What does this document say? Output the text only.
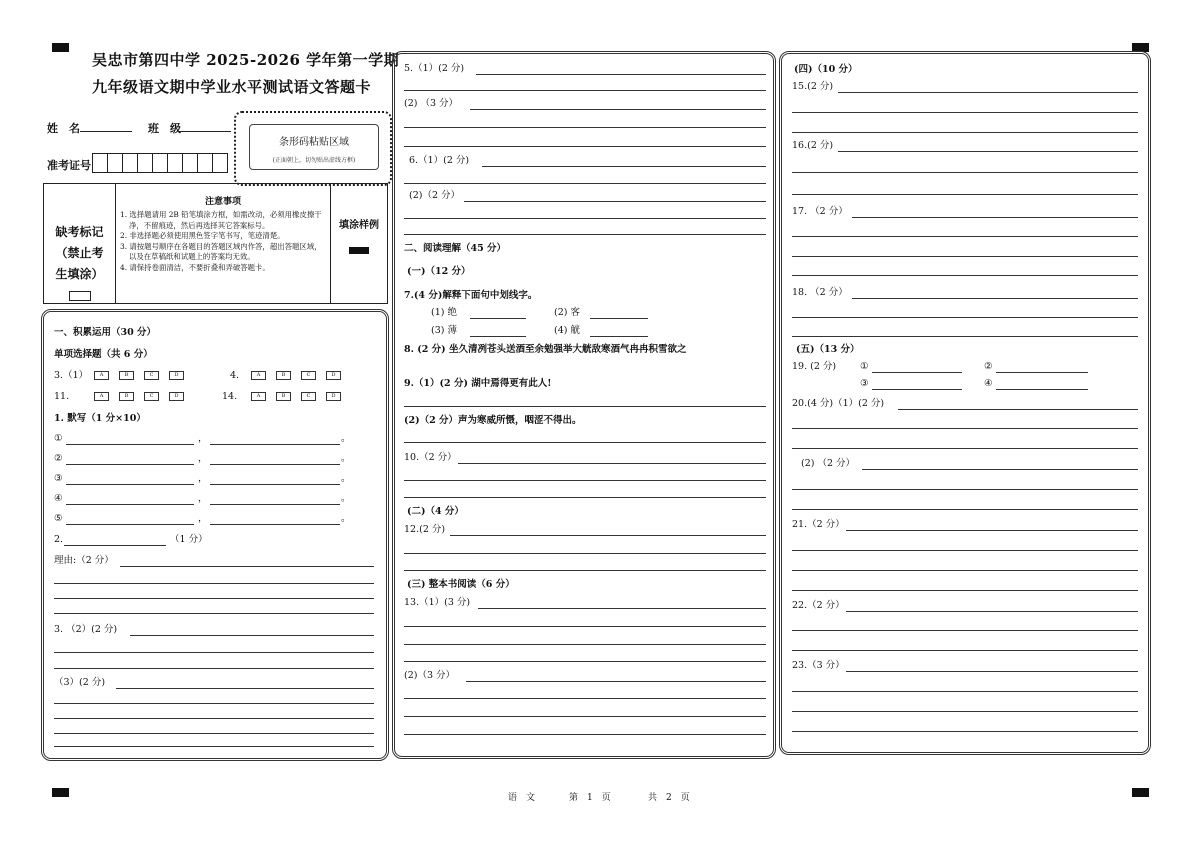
吴忠市第四中学 2025-2026 学年第一学期
九年级语文期中学业水平测试语文答题卡
姓　名	班　级
准考证号
条形码粘贴区域
(正面朝上，切勿贴出虚线方框)
缺考标记
（禁止考
生填涂）
注意事项
1. 选择题请用 2B 铅笔填涂方框，如需改动，必须用橡皮擦干净，不留痕迹，然后再选择其它答案标号。
2. 非选择题必须使用黑色签字笔书写，笔迹清楚。
3. 请按题号顺序在各题目的答题区域内作答，超出答题区域，以及在草稿纸和试题上的答案均无效。
4. 请保持卷面清洁，不要折叠和弄破答题卡。
填涂样例
一、积累运用（30 分）
单项选择题（共 6 分）
3.（1） A	B	C	D	4.	A	B	C	D
11.	A	B	C	D	14.	A	B	C	D
1. 默写（1 分×10）
①	，	。
②	，	。
③	，	。
④	，	。
⑤	，	。
2.	（1 分）
理由:（2 分）
3. （2）(2 分)
（3）(2 分)
5.（1）(2 分)
(2) （3 分）
6.（1）(2 分)
(2)（2 分）
二、阅读理解（45 分）
(一)（12 分）
7.(4 分)解释下面句中划线字。
(1) 绝	(2) 客
(3) 薄	(4) 觥
8. (2 分) 坐久清冽苍头送酒至余勉强举大觥敌寒酒气冉冉积雪欲之
9.（1）(2 分) 湖中焉得更有此人!
(2)（2 分）声为寒威所慑，咽涩不得出。
10.（2 分）
(二)（4 分）
12.(2 分)
(三) 整本书阅读（6 分）
13.（1）(3 分)
(2)（3 分）
(四)（10 分）
15.(2 分)
16.(2 分)
17. （2 分）
18. （2 分）
(五)（13 分）
19. (2 分)	①	②
③	④
20.(4 分)（1）(2 分)
(2) （2 分）
21.（2 分）
22.（2 分）
23.（3 分）
语　文	第　1　页	共　2　页
